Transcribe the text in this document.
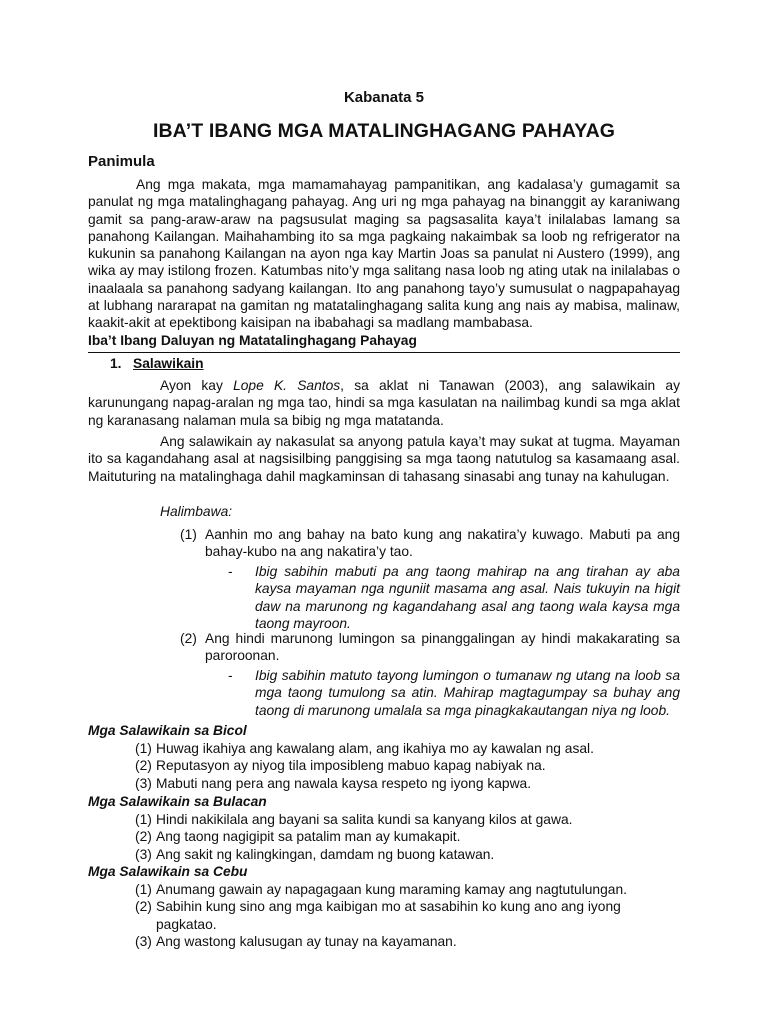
Kabanata 5
IBA’T IBANG MGA MATALINGHAGANG PAHAYAG
Panimula

Ang mga makata, mga mamamahayag pampanitikan, ang kadalasa’y gumagamit sa panulat ng mga matalinghagang pahayag. Ang uri ng mga pahayag na binanggit ay karaniwang gamit sa pang-araw-araw na pagsusulat maging sa pagsasalita kaya’t inilalabas lamang sa panahong Kailangan. Maihahambing ito sa mga pagkaing nakaimbak sa loob ng refrigerator na kukunin sa panahong Kailangan na ayon nga kay Martin Joas sa panulat ni Austero (1999), ang wika ay may istilong frozen. Katumbas nito’y mga salitang nasa loob ng ating utak na inilalabas o inaalaala sa panahong sadyang kailangan. Ito ang panahong tayo’y sumusulat o nagpapahayag at lubhang nararapat na gamitan ng matatalinghagang salita kung ang nais ay mabisa, malinaw, kaakit-akit at epektibong kaisipan na ibabahagi sa madlang mambabasa.

Iba’t Ibang Daluyan ng Matatalinghagang Pahayag
1. Salawikain

Ayon kay Lope K. Santos, sa aklat ni Tanawan (2003), ang salawikain ay karunungang napag-aralan ng mga tao, hindi sa mga kasulatan na nailimbag kundi sa mga aklat ng karanasang nalaman mula sa bibig ng mga matatanda.

Ang salawikain ay nakasulat sa anyong patula kaya’t may sukat at tugma. Mayaman ito sa kagandahang asal at nagsisilbing panggising sa mga taong natutulog sa kasamaang asal. Maituturing na matalinghaga dahil magkaminsan di tahasang sinasabi ang tunay na kahulugan.

Halimbawa:
(1) Aanhin mo ang bahay na bato kung ang nakatira’y kuwago. Mabuti pa ang bahay-kubo na ang nakatira’y tao.

-	Ibig sabihin mabuti pa ang taong mahirap na ang tirahan ay aba kaysa mayaman nga nguniit masama ang asal. Nais tukuyin na higit daw na marunong ng kagandahang asal ang taong wala kaysa mga taong mayroon.

(2) Ang hindi marunong lumingon sa pinanggalingan ay hindi makakarating sa paroroonan.

-	Ibig sabihin matuto tayong lumingon o tumanaw ng utang na loob sa mga taong tumulong sa atin. Mahirap magtagumpay sa buhay ang taong di marunong umalala sa mga pinagkakautangan niya ng loob.

Mga Salawikain sa Bicol
(1) Huwag ikahiya ang kawalang alam, ang ikahiya mo ay kawalan ng asal.
(2) Reputasyon ay niyog tila imposibleng mabuo kapag nabiyak na.
(3) Mabuti nang pera ang nawala kaysa respeto ng iyong kapwa.
Mga Salawikain sa Bulacan
(1) Hindi nakikilala ang bayani sa salita kundi sa kanyang kilos at gawa.
(2) Ang taong nagigipit sa patalim man ay kumakapit.
(3) Ang sakit ng kalingkingan, damdam ng buong katawan.
Mga Salawikain sa Cebu
(1) Anumang gawain ay napagagaan kung maraming kamay ang nagtutulungan.
(2) Sabihin kung sino ang mga kaibigan mo at sasabihin ko kung ano ang iyong pagkatao.
(3) Ang wastong kalusugan ay tunay na kayamanan.
